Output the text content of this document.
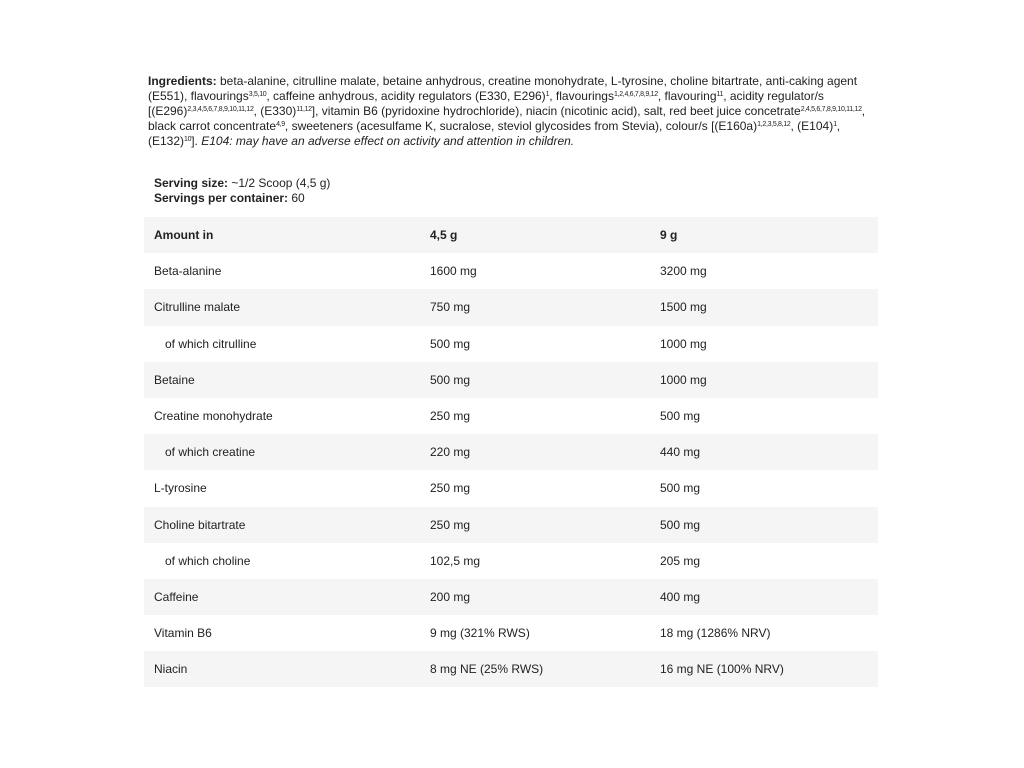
Ingredients: beta-alanine, citrulline malate, betaine anhydrous, creatine monohydrate, L-tyrosine, choline bitartrate, anti-caking agent (E551), flavourings$^{3,5,10}$, caffeine anhydrous, acidity regulators (E330, E296)$^1$, flavourings$^{1,2,4,6,7,8,9,12}$, flavouring$^{11}$, acidity regulator/s [$(E296)^{2,3,4,5,6,7,8,9,10,11,12}$, $(E330)^{11,12}$], vitamin B6 (pyridoxine hydrochloride), niacin (nicotinic acid), salt, red beet juice concetrate$^{2,4,5,6,7,8,9,10,11,12}$, black carrot concentrate$^{4,9}$, sweeteners (acesulfame K, sucralose, steviol glycosides from Stevia), colour/s [$(E160a)^{1,2,3,5,8,12}$, $(E104)^1$, $(E132)^{10}$]. E104: may have an adverse effect on activity and attention in children.
Serving size: ~1/2 Scoop (4,5 g)
Servings per container: 60
Amount in	4,5 g	9 g
Beta-alanine	1600 mg	3200 mg
Citrulline malate	750 mg	1500 mg
of which citrulline	500 mg	1000 mg
Betaine	500 mg	1000 mg
Creatine monohydrate	250 mg	500 mg
of which creatine	220 mg	440 mg
L-tyrosine	250 mg	500 mg
Choline bitartrate	250 mg	500 mg
of which choline	102,5 mg	205 mg
Caffeine	200 mg	400 mg
Vitamin B6	9 mg (321% RWS)	18 mg (1286% NRV)
Niacin	8 mg NE (25% RWS)	16 mg NE (100% NRV)
